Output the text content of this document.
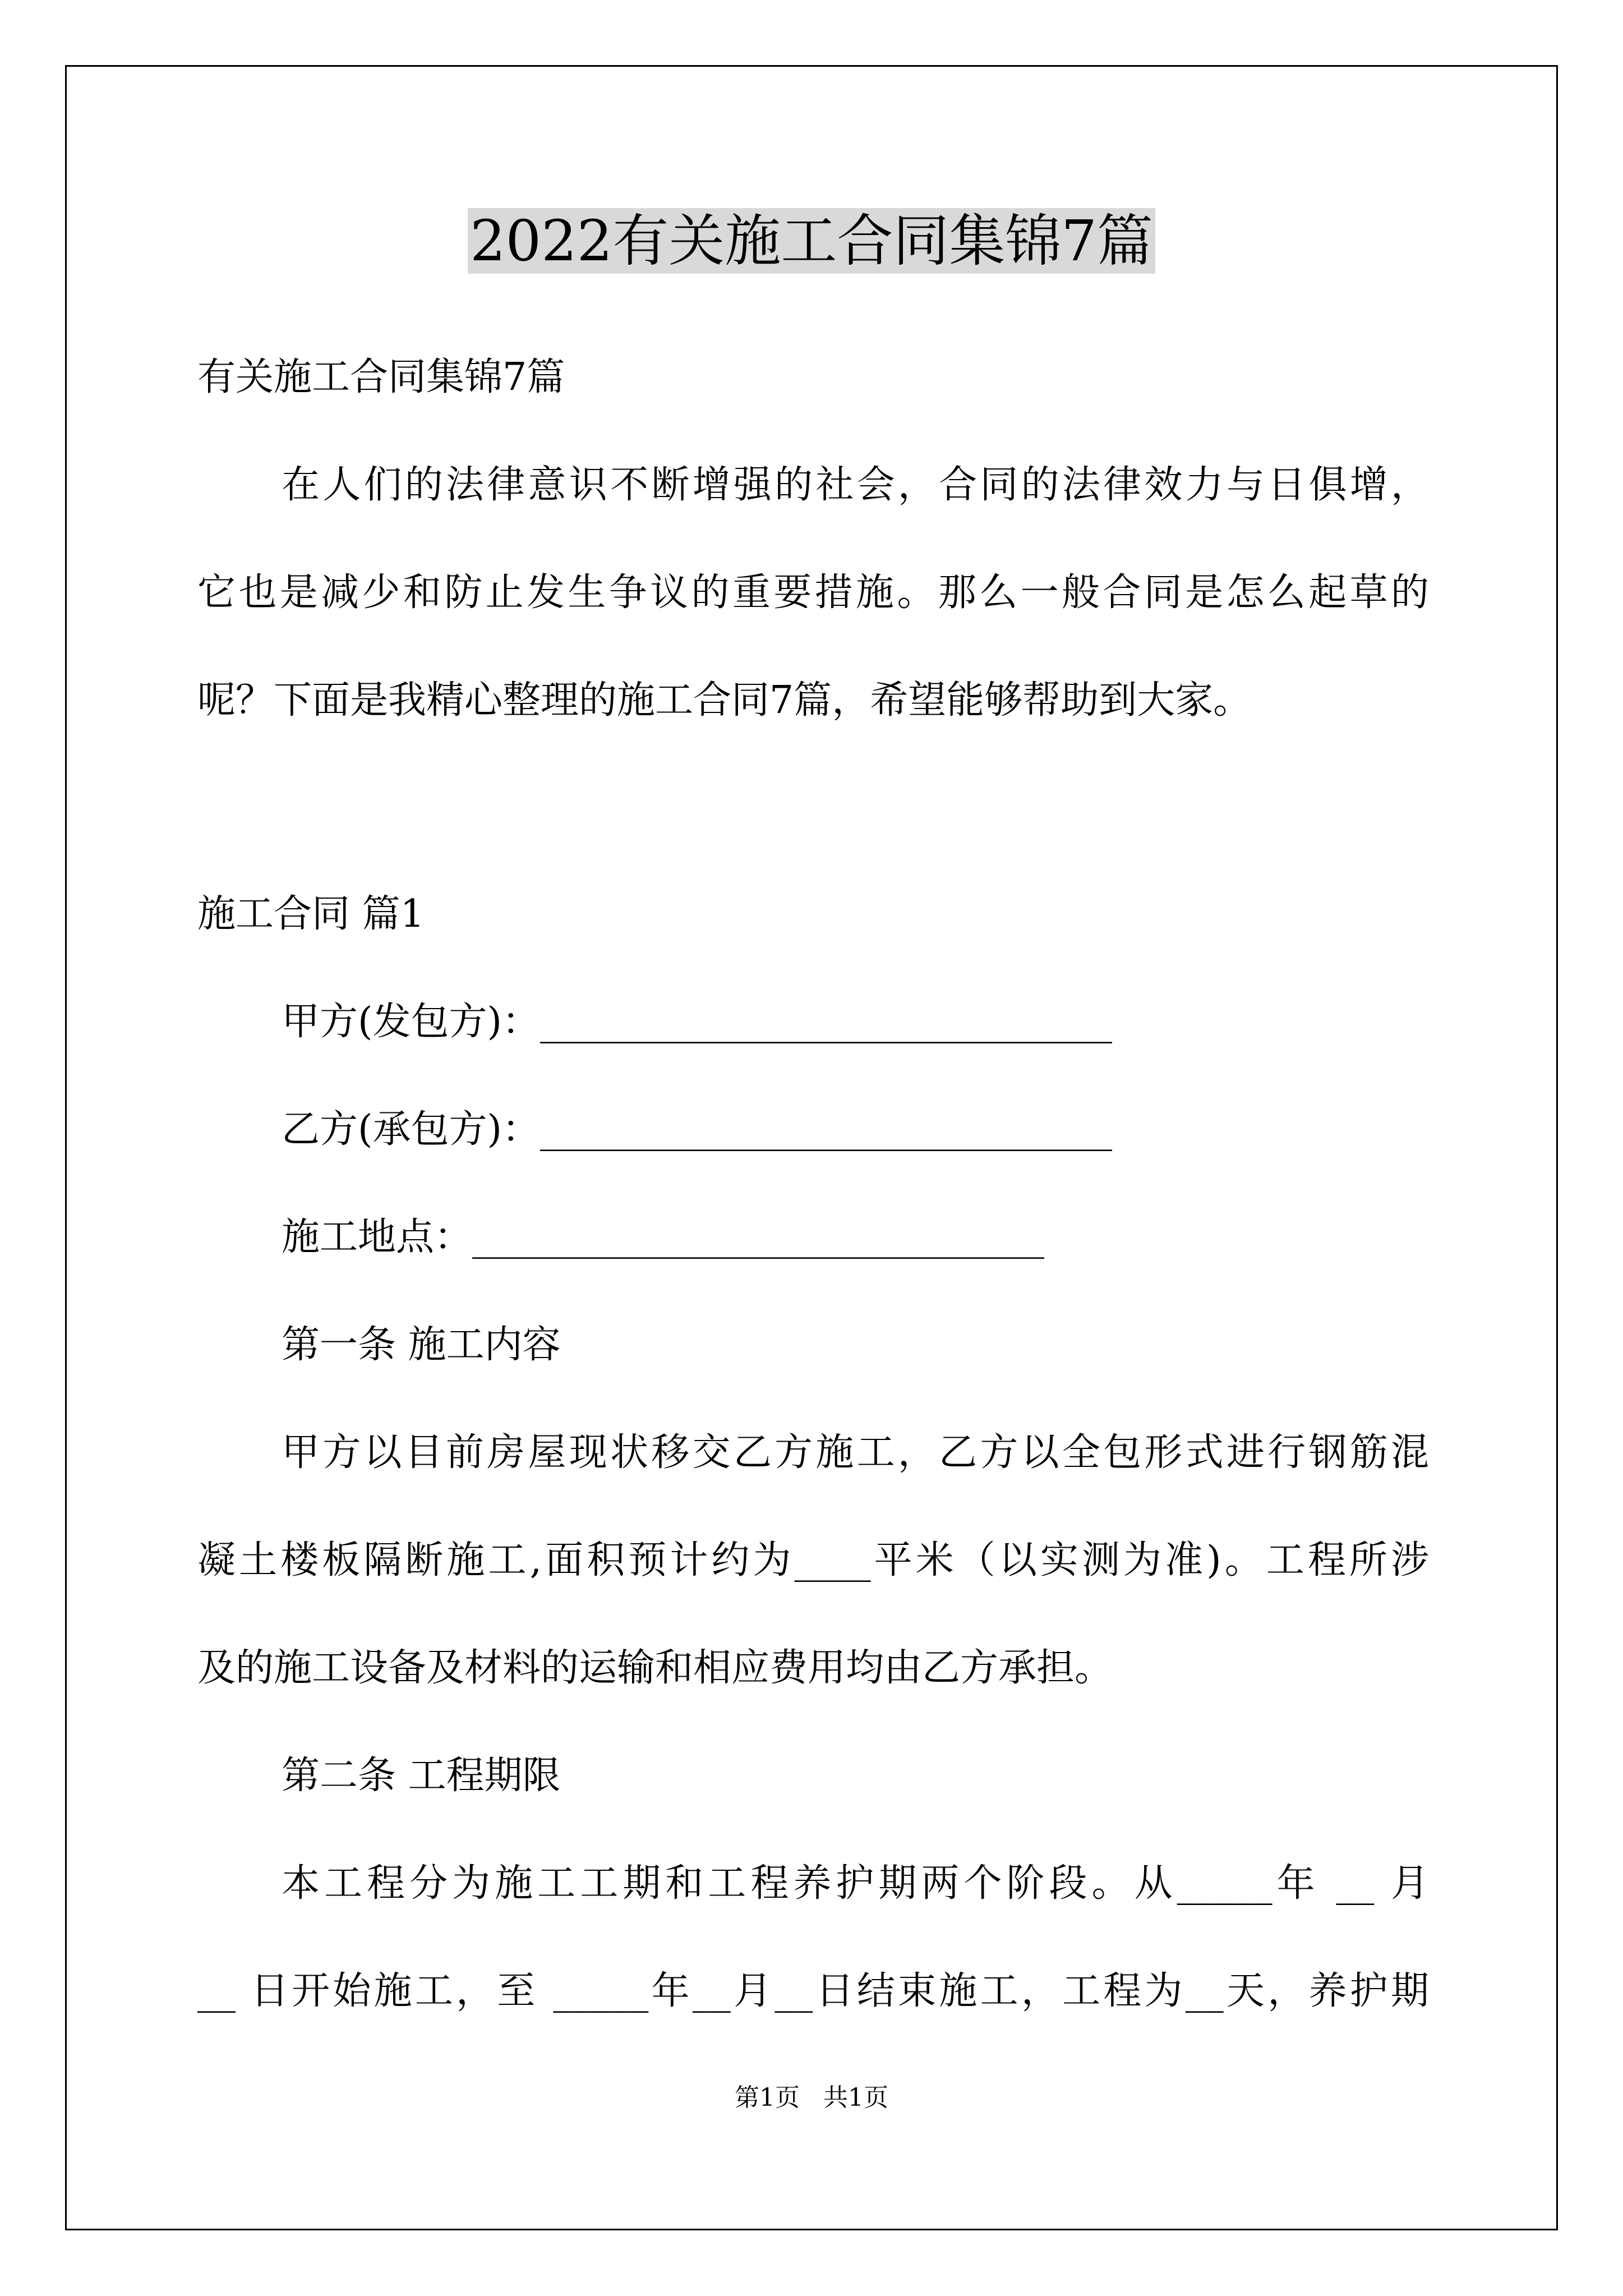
2022有关施工合同集锦7篇
有关施工合同集锦7篇
在人们的法律意识不断增强的社会，合同的法律效力与日俱增，
它也是减少和防止发生争议的重要措施。那么一般合同是怎么起草的
呢？下面是我精心整理的施工合同7篇，希望能够帮助到大家。
施工合同 篇1
甲方(发包方)：______________________________
乙方(承包方)：______________________________
施工地点：______________________________
第一条 施工内容
甲方以目前房屋现状移交乙方施工，乙方以全包形式进行钢筋混
凝土楼板隔断施工,面积预计约为____平米（以实测为准)。工程所涉
及的施工设备及材料的运输和相应费用均由乙方承担。
第二条 工程期限
本工程分为施工工期和工程养护期两个阶段。从_____年 __ 月
__ 日开始施工，至 _____年__月__日结束施工，工程为__天，养护期
第1页   共1页
